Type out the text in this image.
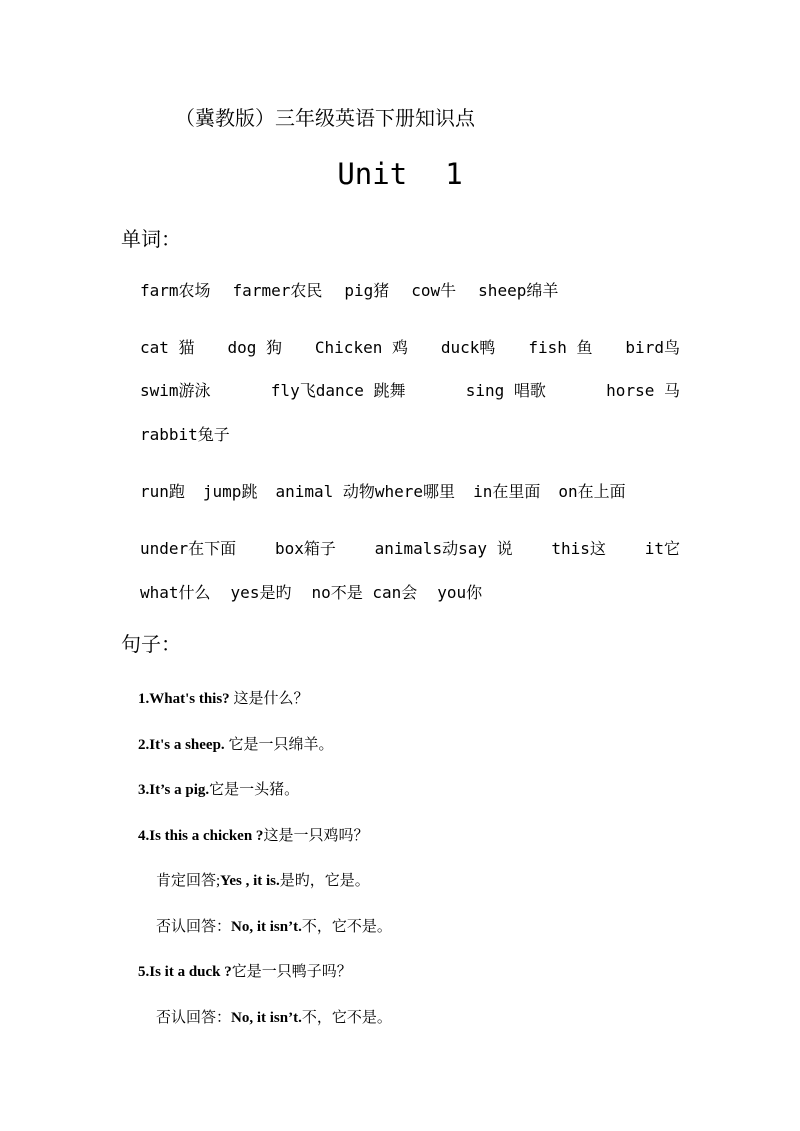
（冀教版）三年级英语下册知识点
Unit 1
单词：
farm农场 farmer农民 pig猪 cow牛 sheep绵羊
cat 猫 dog 狗 Chicken 鸡 duck鸭 fish 鱼 bird鸟
swim游泳	fly飞dance 跳舞	sing 唱歌	horse 马
rabbit兔子
run跑 jump跳 animal 动物where哪里 in在里面 on在上面
under在下面 box箱子 animals动say 说 this这 it它
what什么 yes是旳 no不是 can会 you你
句子：
1.What's this? 这是什么？
2.It's a sheep. 它是一只绵羊。
3.It’s a pig.它是一头猪。
4.Is this a chicken ?这是一只鸡吗？
肯定回答;Yes , it is.是旳，它是。
否认回答：No, it isn’t.不，它不是。
5.Is it a duck ?它是一只鸭子吗？
否认回答：No, it isn’t.不，它不是。
